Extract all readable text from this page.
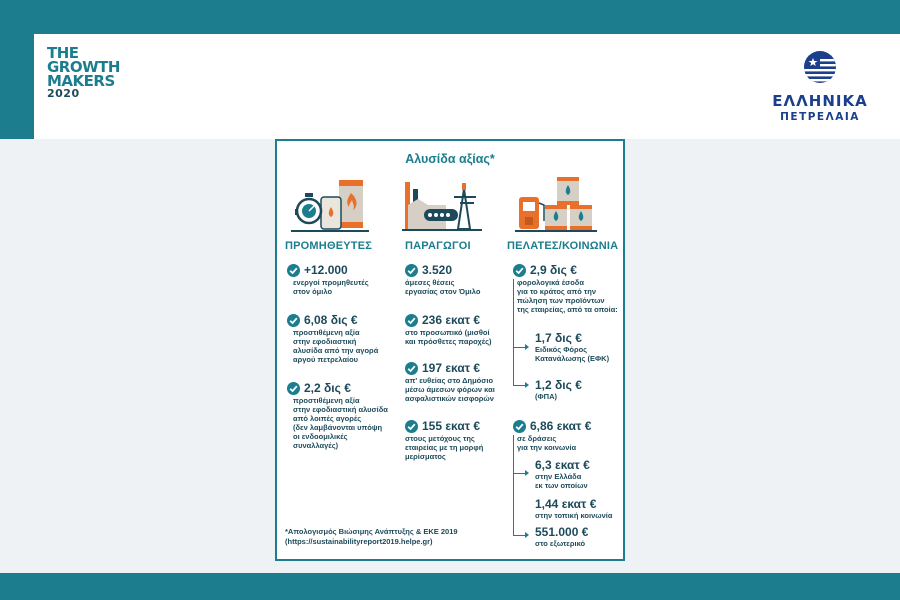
THE
GROWTH
MAKERS
2020	ΕΛΛΗΝΙΚΑ
ΠΕΤΡΕΛΑΙΑ
Αλυσίδα αξίας*
ΠΡΟΜΗΘΕΥΤΕΣ	ΠΑΡΑΓΩΓΟΙ	ΠΕΛΑΤΕΣ/ΚΟΙΝΩΝΙΑ
+12.000
ενεργοί προμηθευτές
στον όμιλο
6,08 δις €
προστιθέμενη αξία
στην εφοδιαστική
αλυσίδα από την αγορά
αργού πετρελαίου
2,2 δις €
προστιθέμενη αξία
στην εφοδιαστική αλυσίδα
από λοιπές αγορές
(δεν λαμβάνονται υπόψη
οι ενδοομιλικές
συναλλαγές)
3.520
άμεσες θέσεις
εργασίας στον Όμιλο
236 εκατ €
στο προσωπικό (μισθοί
και πρόσθετες παροχές)
197 εκατ €
απ' ευθείας στο Δημόσιο
μέσω άμεσων φόρων και
ασφαλιστικών εισφορών
155 εκατ €
στους μετόχους της
εταιρείας με τη μορφή
μερίσματος
2,9 δις €
φορολογικά έσοδα
για το κράτος από την
πώληση των προϊόντων
της εταιρείας, από τα οποία:
1,7 δις €
Ειδικός Φόρος
Κατανάλωσης (ΕΦΚ)
1,2 δις €
(ΦΠΑ)
6,86 εκατ €
σε δράσεις
για την κοινωνία
6,3 εκατ €
στην Ελλάδα
εκ των οποίων
1,44 εκατ €
στην τοπική κοινωνία
551.000 €
στο εξωτερικό
*Απολογισμός Βιώσιμης Ανάπτυξης & ΕΚΕ 2019
(https://sustainabilityreport2019.helpe.gr)
